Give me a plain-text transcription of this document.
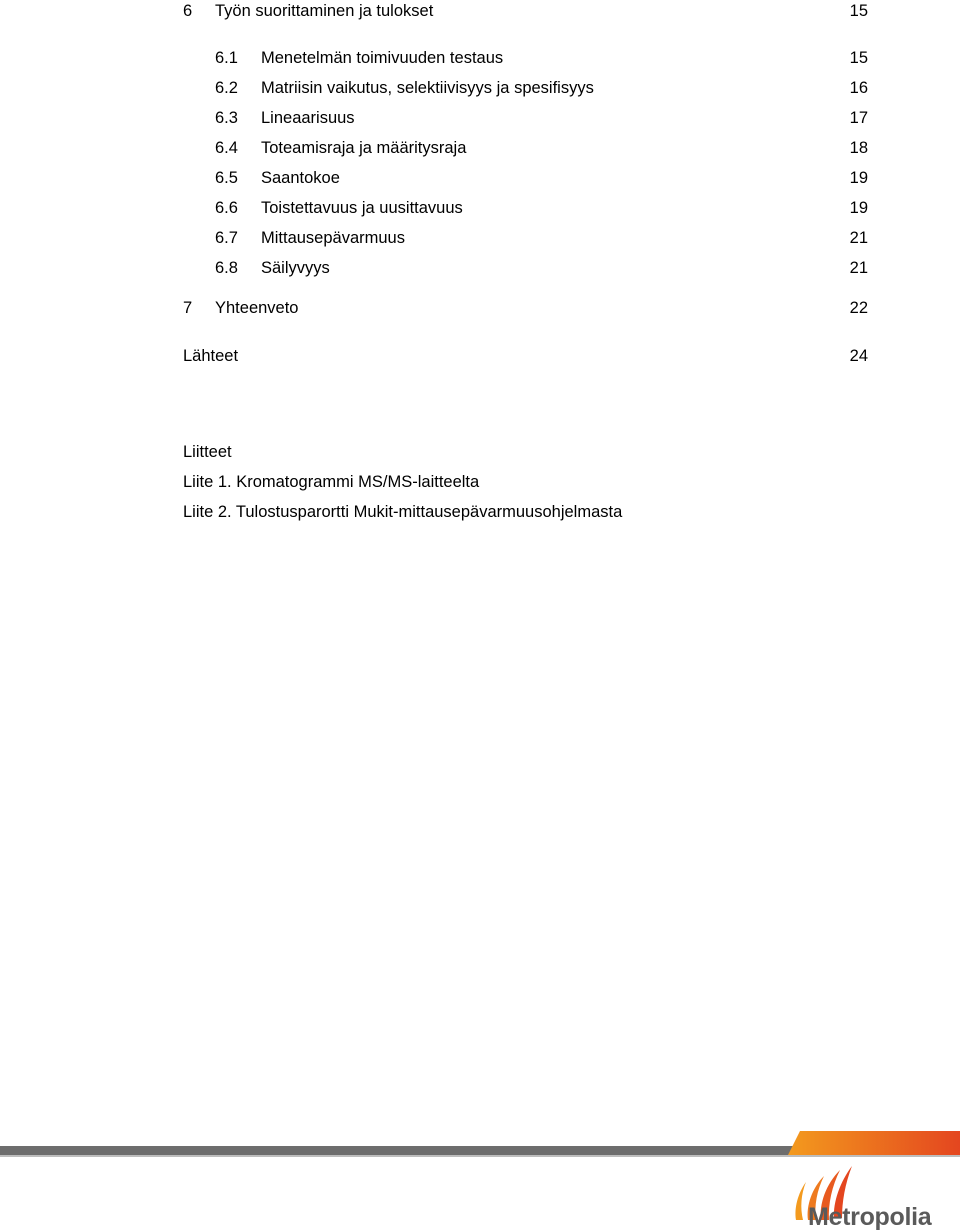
6 Työn suorittaminen ja tulokset	15
6.1 Menetelmän toimivuuden testaus	15
6.2 Matriisin vaikutus, selektiivisyys ja spesifisyys	16
6.3 Lineaarisuus	17
6.4 Toteamisraja ja määritysraja	18
6.5 Saantokoe	19
6.6 Toistettavuus ja uusittavuus	19
6.7 Mittausepävarmuus	21
6.8 Säilyvyys	21
7 Yhteenveto	22
Lähteet	24
Liitteet
Liite 1. Kromatogrammi MS/MS-laitteelta
Liite 2. Tulostusparortti Mukit-mittausepävarmuusohjelmasta
Metropolia
